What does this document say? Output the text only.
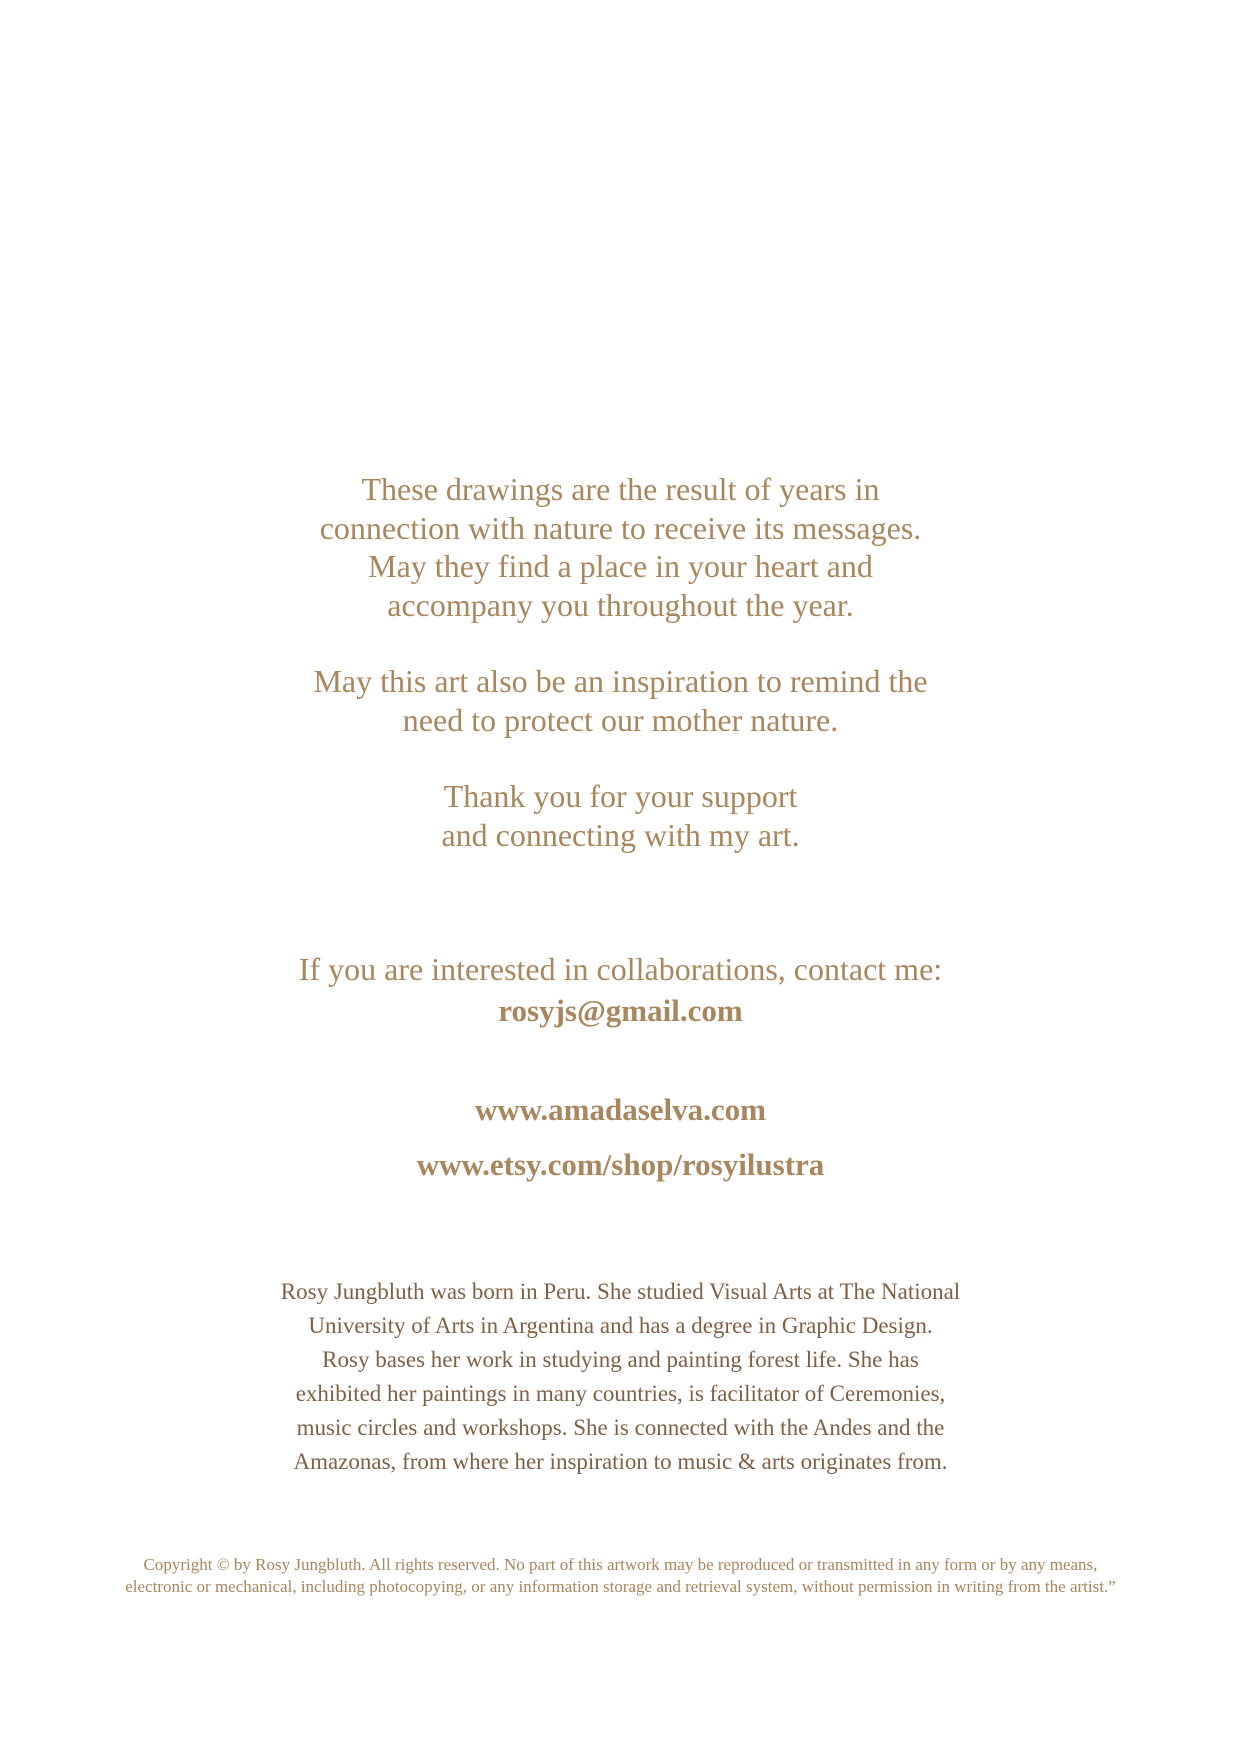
These drawings are the result of years in
connection with nature to receive its messages.
May they find a place in your heart and
accompany you throughout the year.
May this art also be an inspiration to remind the
need to protect our mother nature.
Thank you for your support
and connecting with my art.
If you are interested in collaborations, contact me:
rosyjs@gmail.com
www.amadaselva.com
www.etsy.com/shop/rosyilustra
Rosy Jungbluth was born in Peru. She studied Visual Arts at The National
University of Arts in Argentina and has a degree in Graphic Design.
Rosy bases her work in studying and painting forest life. She has
exhibited her paintings in many countries, is facilitator of Ceremonies,
music circles and workshops. She is connected with the Andes and the
Amazonas, from where her inspiration to music & arts originates from.
Copyright © by Rosy Jungbluth. All rights reserved. No part of this artwork may be reproduced or transmitted in any form or by any means,
electronic or mechanical, including photocopying, or any information storage and retrieval system, without permission in writing from the artist.”
